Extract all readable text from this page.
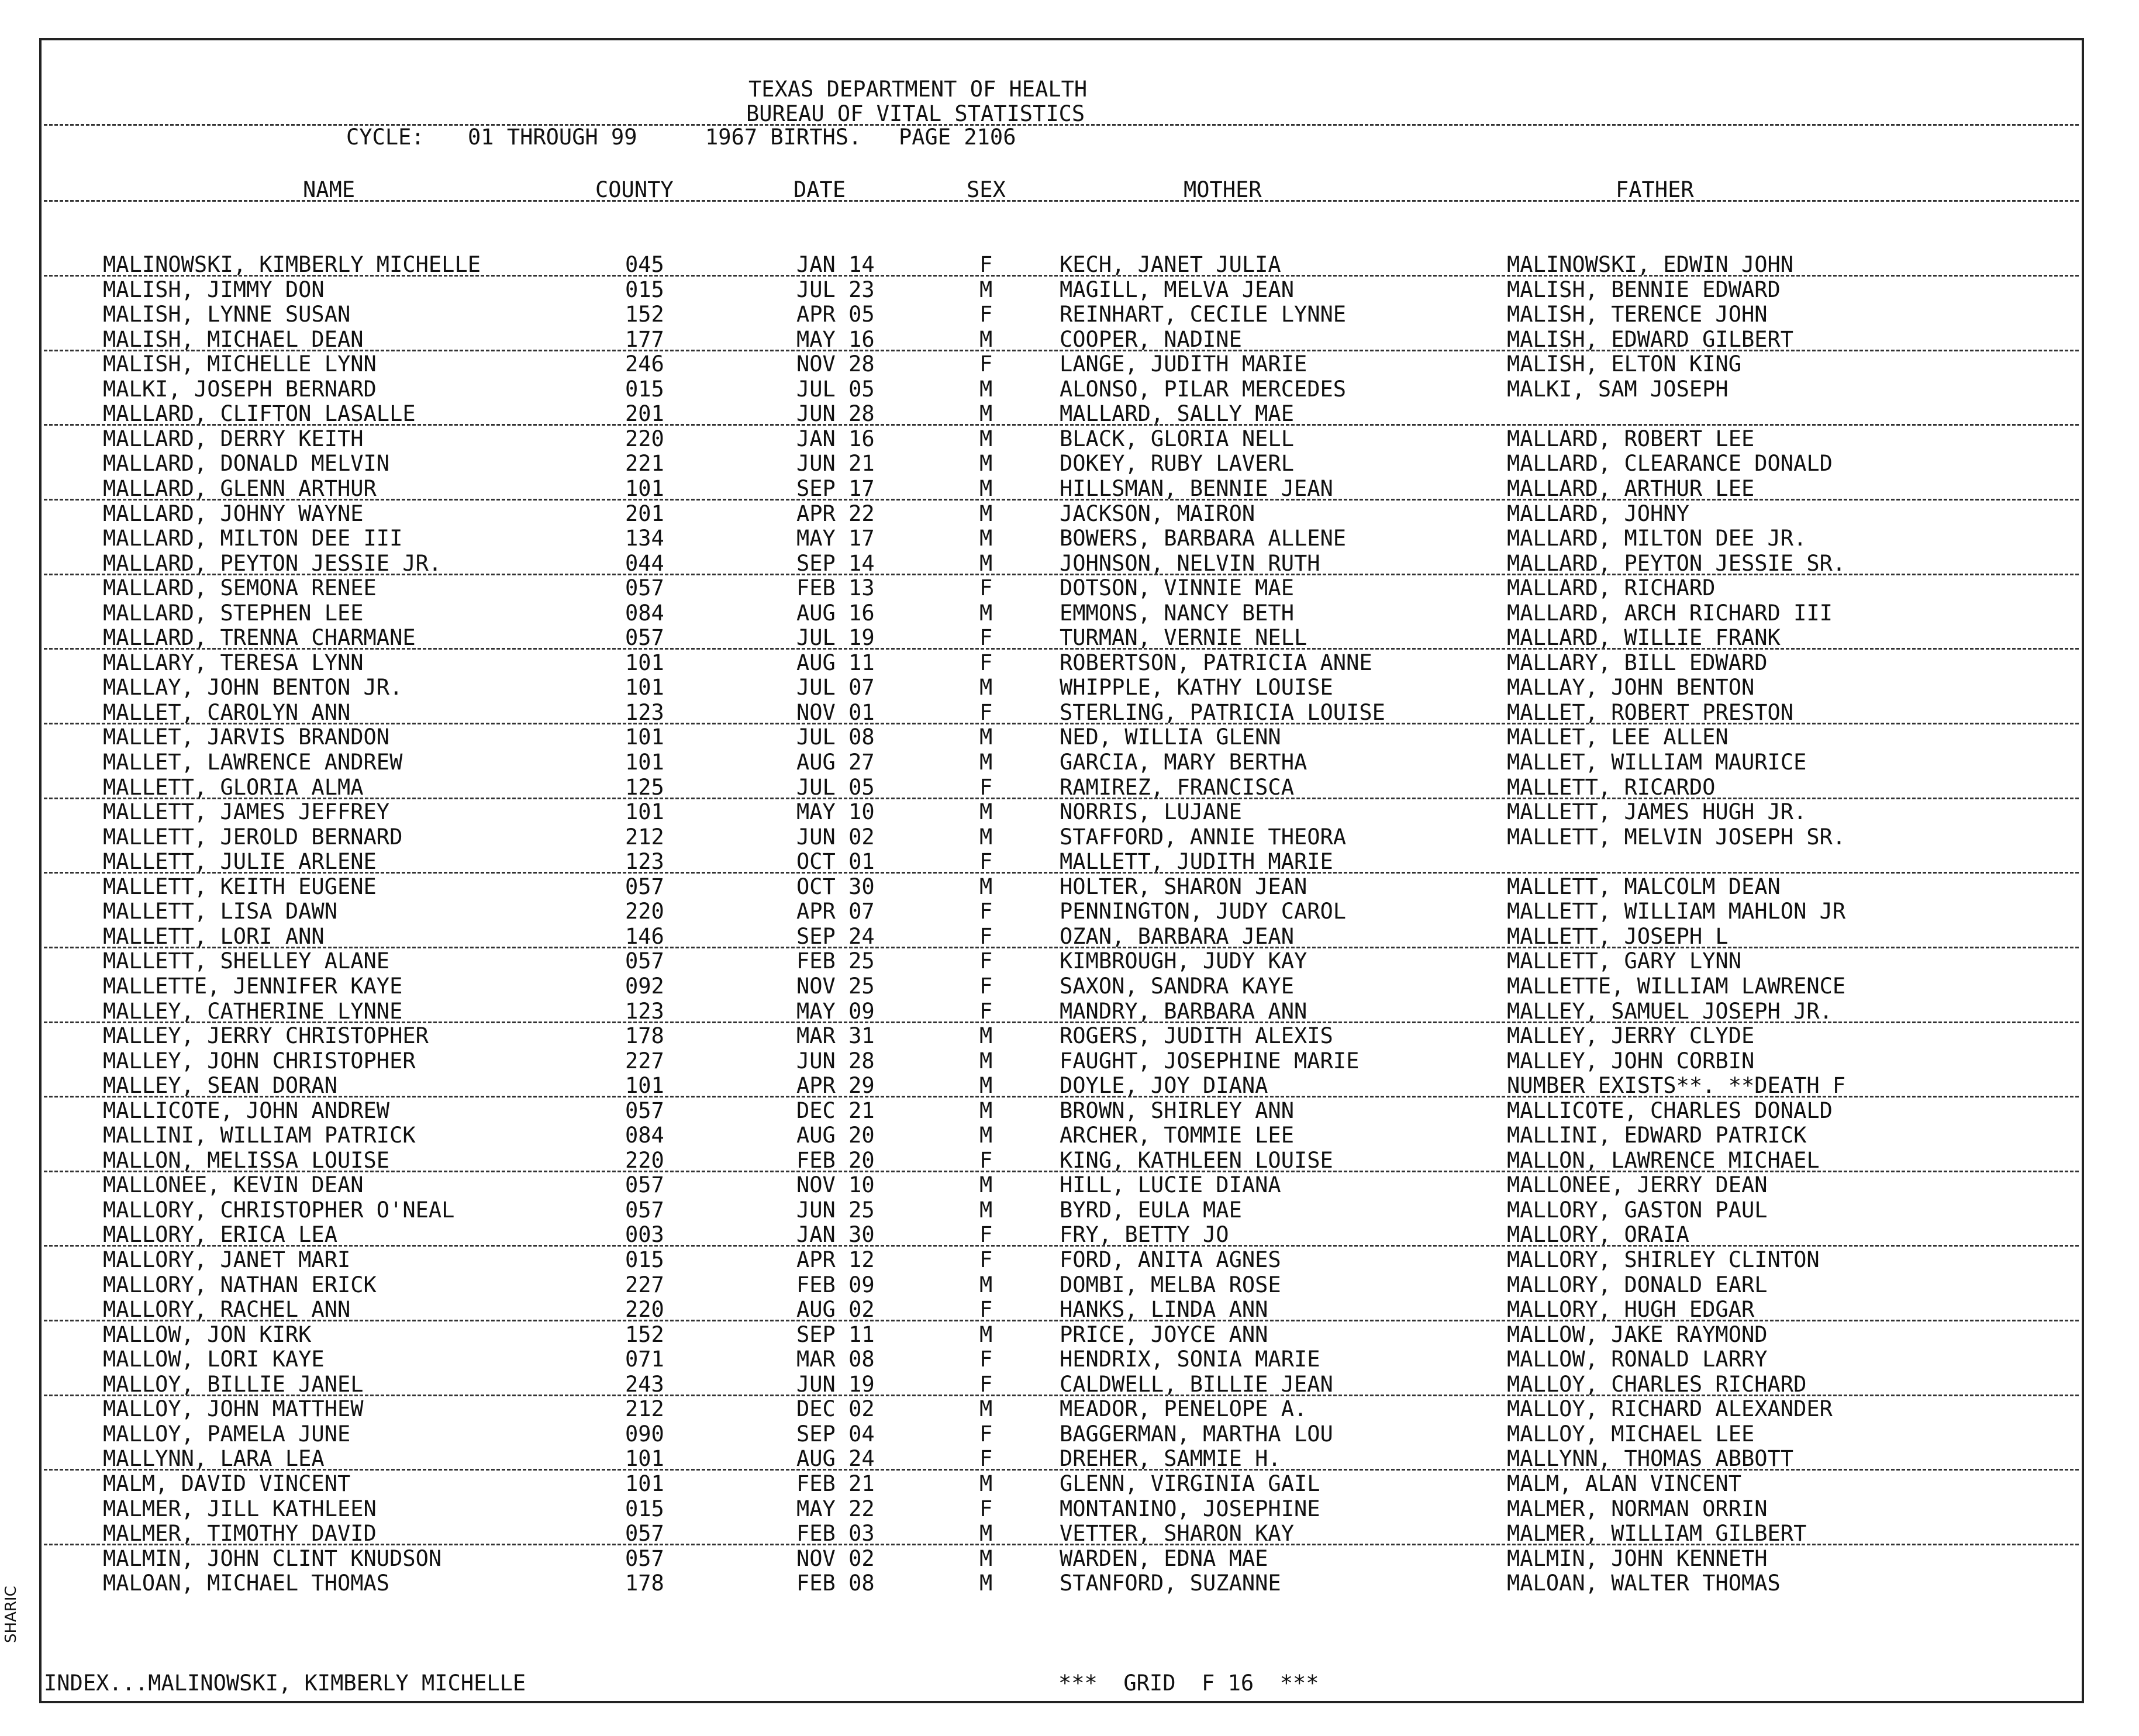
TEXAS DEPARTMENT OF HEALTH
BUREAU OF VITAL STATISTICS
CYCLE: 01 THROUGH 99	1967 BIRTHS. PAGE 2106
NAME	COUNTY	DATE	SEX	MOTHER	FATHER
MALINOWSKI, KIMBERLY MICHELLE	045	JAN 14	F	KECH, JANET JULIA	MALINOWSKI, EDWIN JOHN
MALISH, JIMMY DON	015	JUL 23	M	MAGILL, MELVA JEAN	MALISH, BENNIE EDWARD
MALISH, LYNNE SUSAN	152	APR 05	F	REINHART, CECILE LYNNE	MALISH, TERENCE JOHN
MALISH, MICHAEL DEAN	177	MAY 16	M	COOPER, NADINE	MALISH, EDWARD GILBERT
MALISH, MICHELLE LYNN	246	NOV 28	F	LANGE, JUDITH MARIE	MALISH, ELTON KING
MALKI, JOSEPH BERNARD	015	JUL 05	M	ALONSO, PILAR MERCEDES	MALKI, SAM JOSEPH
MALLARD, CLIFTON LASALLE	201	JUN 28	M	MALLARD, SALLY MAE
MALLARD, DERRY KEITH	220	JAN 16	M	BLACK, GLORIA NELL	MALLARD, ROBERT LEE
MALLARD, DONALD MELVIN	221	JUN 21	M	DOKEY, RUBY LAVERL	MALLARD, CLEARANCE DONALD
MALLARD, GLENN ARTHUR	101	SEP 17	M	HILLSMAN, BENNIE JEAN	MALLARD, ARTHUR LEE
MALLARD, JOHNY WAYNE	201	APR 22	M	JACKSON, MAIRON	MALLARD, JOHNY
MALLARD, MILTON DEE III	134	MAY 17	M	BOWERS, BARBARA ALLENE	MALLARD, MILTON DEE JR.
MALLARD, PEYTON JESSIE JR.	044	SEP 14	M	JOHNSON, NELVIN RUTH	MALLARD, PEYTON JESSIE SR.
MALLARD, SEMONA RENEE	057	FEB 13	F	DOTSON, VINNIE MAE	MALLARD, RICHARD
MALLARD, STEPHEN LEE	084	AUG 16	M	EMMONS, NANCY BETH	MALLARD, ARCH RICHARD III
MALLARD, TRENNA CHARMANE	057	JUL 19	F	TURMAN, VERNIE NELL	MALLARD, WILLIE FRANK
MALLARY, TERESA LYNN	101	AUG 11	F	ROBERTSON, PATRICIA ANNE	MALLARY, BILL EDWARD
MALLAY, JOHN BENTON JR.	101	JUL 07	M	WHIPPLE, KATHY LOUISE	MALLAY, JOHN BENTON
MALLET, CAROLYN ANN	123	NOV 01	F	STERLING, PATRICIA LOUISE	MALLET, ROBERT PRESTON
MALLET, JARVIS BRANDON	101	JUL 08	M	NED, WILLIA GLENN	MALLET, LEE ALLEN
MALLET, LAWRENCE ANDREW	101	AUG 27	M	GARCIA, MARY BERTHA	MALLET, WILLIAM MAURICE
MALLETT, GLORIA ALMA	125	JUL 05	F	RAMIREZ, FRANCISCA	MALLETT, RICARDO
MALLETT, JAMES JEFFREY	101	MAY 10	M	NORRIS, LUJANE	MALLETT, JAMES HUGH JR.
MALLETT, JEROLD BERNARD	212	JUN 02	M	STAFFORD, ANNIE THEORA	MALLETT, MELVIN JOSEPH SR.
MALLETT, JULIE ARLENE	123	OCT 01	F	MALLETT, JUDITH MARIE
MALLETT, KEITH EUGENE	057	OCT 30	M	HOLTER, SHARON JEAN	MALLETT, MALCOLM DEAN
MALLETT, LISA DAWN	220	APR 07	F	PENNINGTON, JUDY CAROL	MALLETT, WILLIAM MAHLON JR
MALLETT, LORI ANN	146	SEP 24	F	OZAN, BARBARA JEAN	MALLETT, JOSEPH L
MALLETT, SHELLEY ALANE	057	FEB 25	F	KIMBROUGH, JUDY KAY	MALLETT, GARY LYNN
MALLETTE, JENNIFER KAYE	092	NOV 25	F	SAXON, SANDRA KAYE	MALLETTE, WILLIAM LAWRENCE
MALLEY, CATHERINE LYNNE	123	MAY 09	F	MANDRY, BARBARA ANN	MALLEY, SAMUEL JOSEPH JR.
MALLEY, JERRY CHRISTOPHER	178	MAR 31	M	ROGERS, JUDITH ALEXIS	MALLEY, JERRY CLYDE
MALLEY, JOHN CHRISTOPHER	227	JUN 28	M	FAUGHT, JOSEPHINE MARIE	MALLEY, JOHN CORBIN
MALLEY, SEAN DORAN	101	APR 29	M	DOYLE, JOY DIANA	NUMBER EXISTS**. **DEATH F
MALLICOTE, JOHN ANDREW	057	DEC 21	M	BROWN, SHIRLEY ANN	MALLICOTE, CHARLES DONALD
MALLINI, WILLIAM PATRICK	084	AUG 20	M	ARCHER, TOMMIE LEE	MALLINI, EDWARD PATRICK
MALLON, MELISSA LOUISE	220	FEB 20	F	KING, KATHLEEN LOUISE	MALLON, LAWRENCE MICHAEL
MALLONEE, KEVIN DEAN	057	NOV 10	M	HILL, LUCIE DIANA	MALLONEE, JERRY DEAN
MALLORY, CHRISTOPHER O'NEAL	057	JUN 25	M	BYRD, EULA MAE	MALLORY, GASTON PAUL
MALLORY, ERICA LEA	003	JAN 30	F	FRY, BETTY JO	MALLORY, ORAIA
MALLORY, JANET MARI	015	APR 12	F	FORD, ANITA AGNES	MALLORY, SHIRLEY CLINTON
MALLORY, NATHAN ERICK	227	FEB 09	M	DOMBI, MELBA ROSE	MALLORY, DONALD EARL
MALLORY, RACHEL ANN	220	AUG 02	F	HANKS, LINDA ANN	MALLORY, HUGH EDGAR
MALLOW, JON KIRK	152	SEP 11	M	PRICE, JOYCE ANN	MALLOW, JAKE RAYMOND
MALLOW, LORI KAYE	071	MAR 08	F	HENDRIX, SONIA MARIE	MALLOW, RONALD LARRY
MALLOY, BILLIE JANEL	243	JUN 19	F	CALDWELL, BILLIE JEAN	MALLOY, CHARLES RICHARD
MALLOY, JOHN MATTHEW	212	DEC 02	M	MEADOR, PENELOPE A.	MALLOY, RICHARD ALEXANDER
MALLOY, PAMELA JUNE	090	SEP 04	F	BAGGERMAN, MARTHA LOU	MALLOY, MICHAEL LEE
MALLYNN, LARA LEA	101	AUG 24	F	DREHER, SAMMIE H.	MALLYNN, THOMAS ABBOTT
MALM, DAVID VINCENT	101	FEB 21	M	GLENN, VIRGINIA GAIL	MALM, ALAN VINCENT
MALMER, JILL KATHLEEN	015	MAY 22	F	MONTANINO, JOSEPHINE	MALMER, NORMAN ORRIN
MALMER, TIMOTHY DAVID	057	FEB 03	M	VETTER, SHARON KAY	MALMER, WILLIAM GILBERT
MALMIN, JOHN CLINT KNUDSON	057	NOV 02	M	WARDEN, EDNA MAE	MALMIN, JOHN KENNETH
MALOAN, MICHAEL THOMAS	178	FEB 08	M	STANFORD, SUZANNE	MALOAN, WALTER THOMAS
INDEX...MALINOWSKI, KIMBERLY MICHELLE	***  GRID  F 16  ***
SHARIC
